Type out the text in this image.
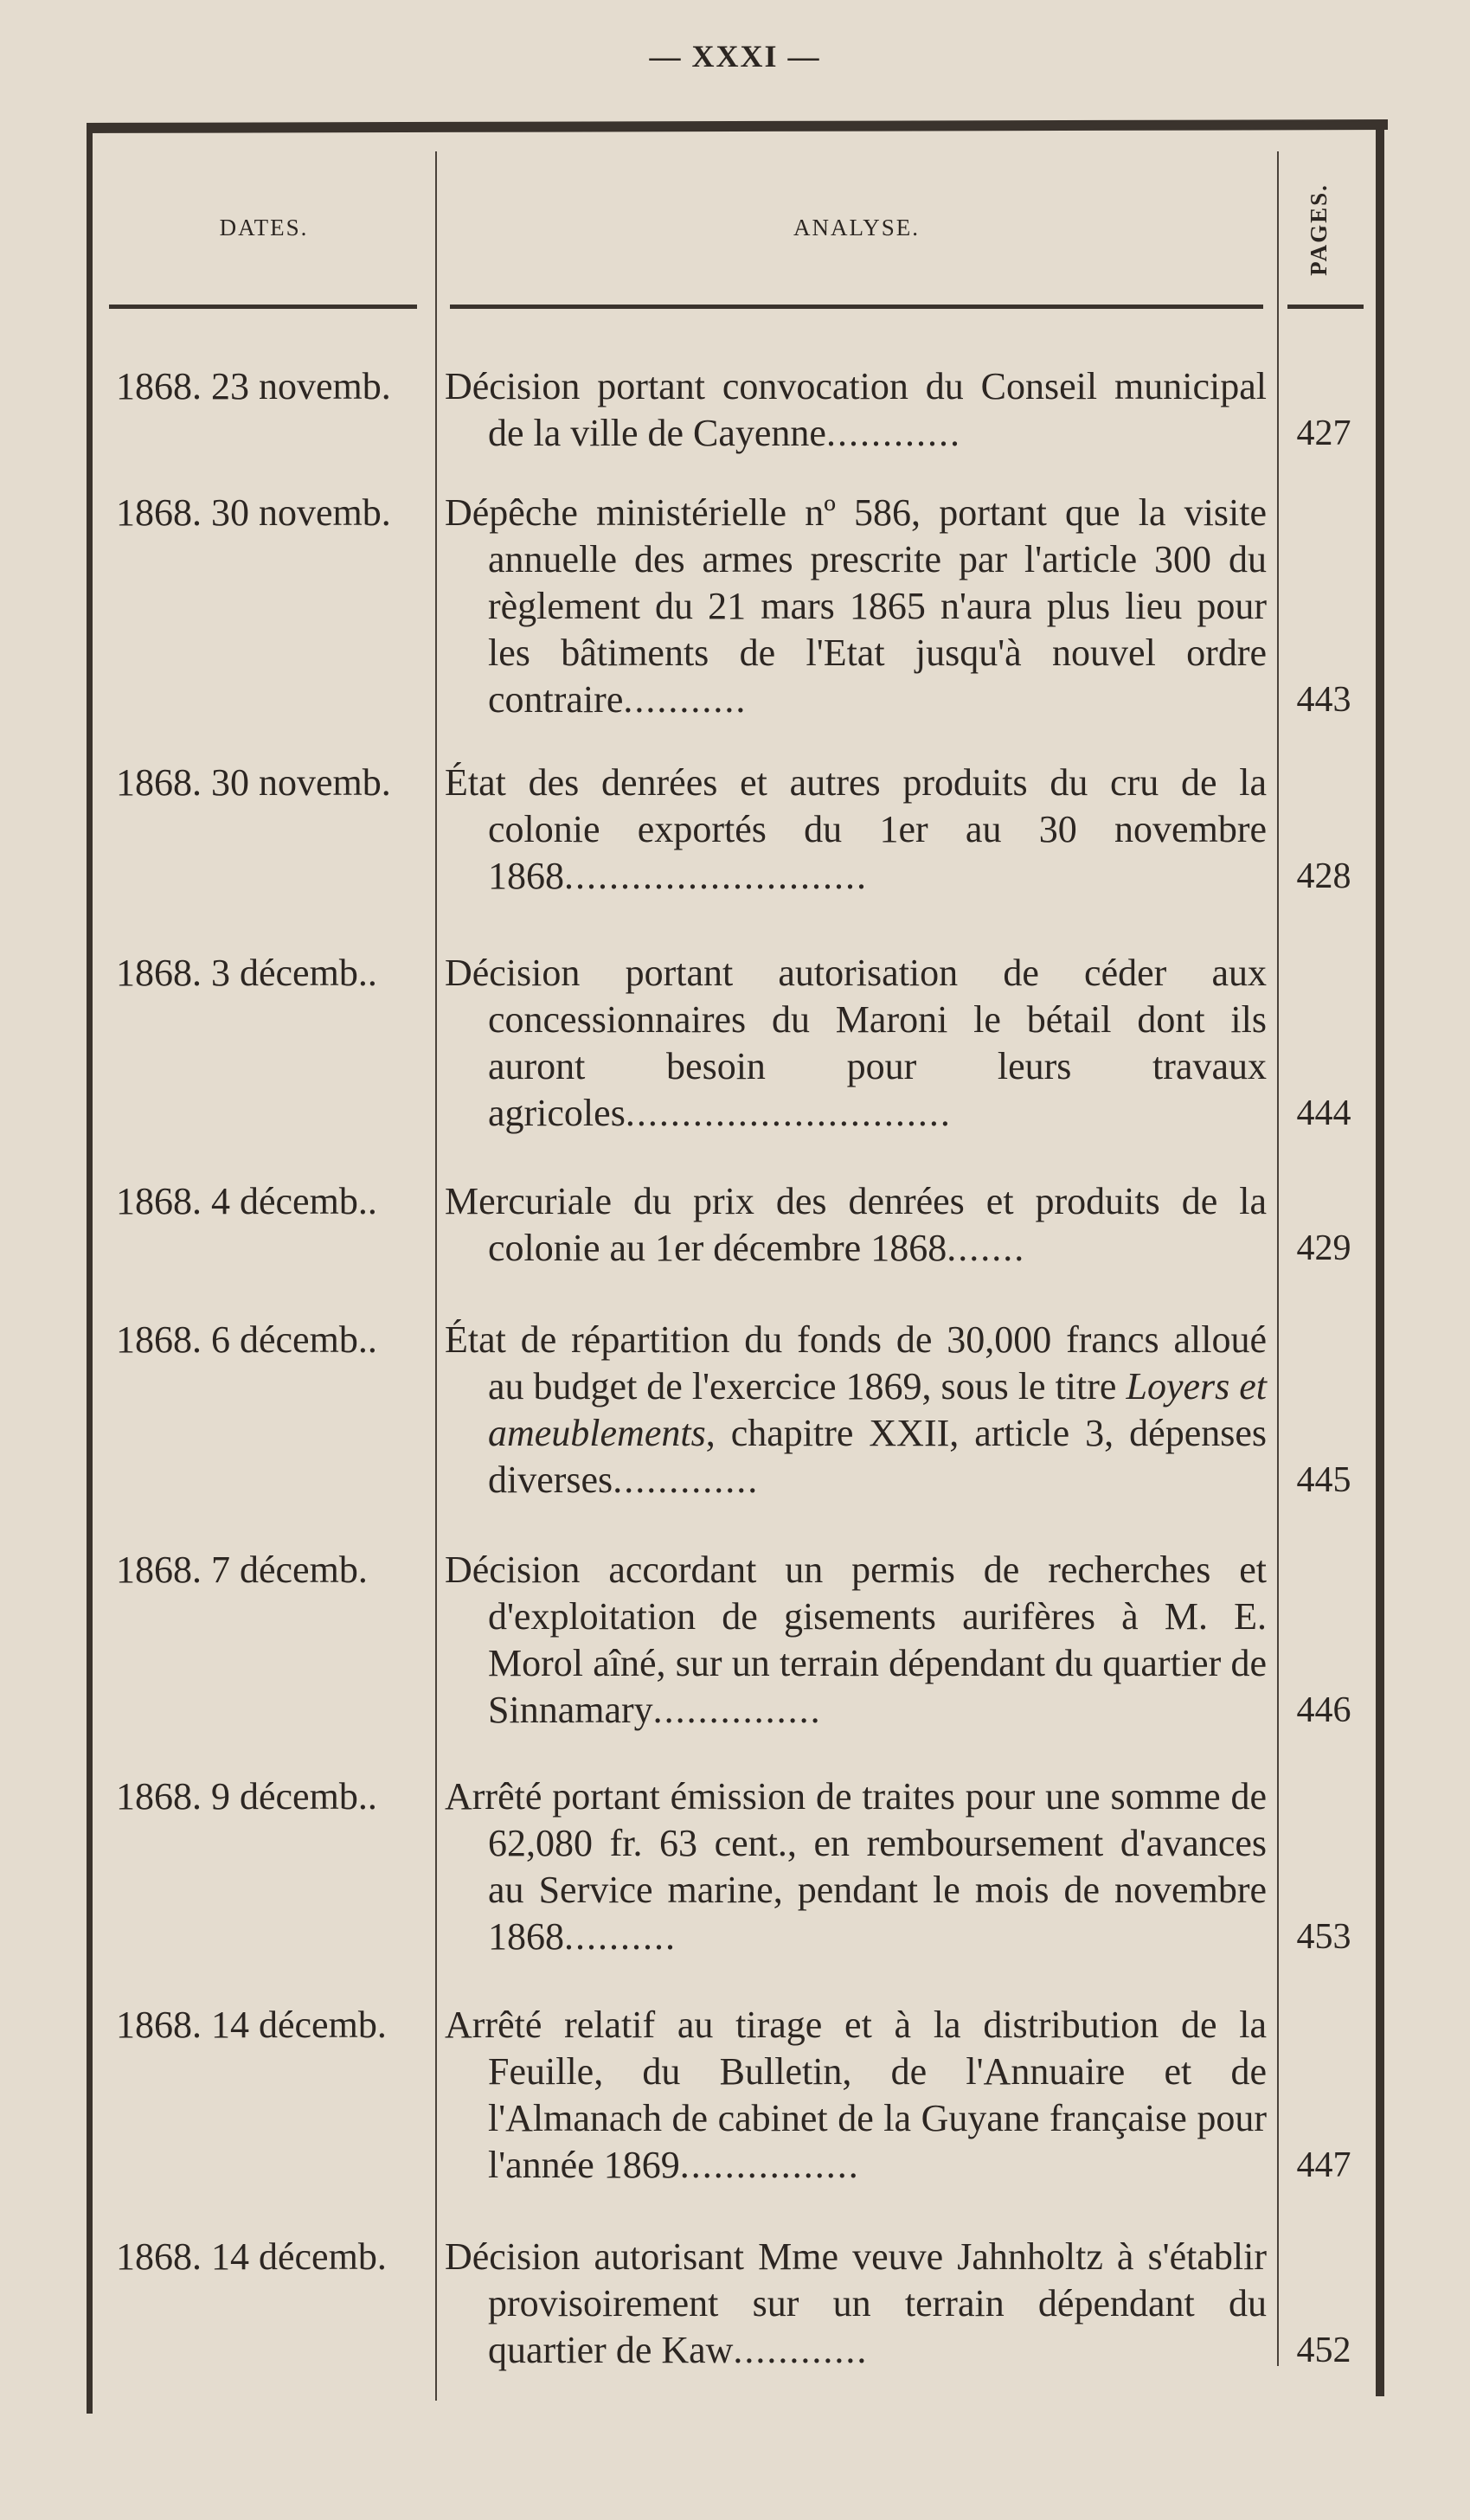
— XXXI —
DATES.	ANALYSE.	PAGES.
1868. 23 novemb. Décision portant convocation du Conseil municipal de la ville de Cayenne............	427
1868. 30 novemb. Dépêche ministérielle nº 586, portant que la visite annuelle des armes prescrite par l'article 300 du règlement du 21 mars 1865 n'aura plus lieu pour les bâtiments de l'Etat jusqu'à nouvel ordre contraire...........	443
1868. 30 novemb. État des denrées et autres produits du cru de la colonie exportés du 1er au 30 novembre 1868...........................	428
1868. 3 décemb.. Décision portant autorisation de céder aux concessionnaires du Maroni le bétail dont ils auront besoin pour leurs travaux agricoles.............................	444
1868. 4 décemb.. Mercuriale du prix des denrées et produits de la colonie au 1er décembre 1868.......	429
1868. 6 décemb.. État de répartition du fonds de 30,000 francs alloué au budget de l'exercice 1869, sous le titre Loyers et ameublements, chapitre XXII, article 3, dépenses diverses.............	445
1868. 7 décemb. Décision accordant un permis de recherches et d'exploitation de gisements aurifères à M. E. Morol aîné, sur un terrain dépendant du quartier de Sinnamary...............	446
1868. 9 décemb.. Arrêté portant émission de traites pour une somme de 62,080 fr. 63 cent., en remboursement d'avances au Service marine, pendant le mois de novembre 1868..........	453
1868. 14 décemb. Arrêté relatif au tirage et à la distribution de la Feuille, du Bulletin, de l'Annuaire et de l'Almanach de cabinet de la Guyane française pour l'année 1869................	447
1868. 14 décemb. Décision autorisant Mme veuve Jahnholtz à s'établir provisoirement sur un terrain dépendant du quartier de Kaw............	452
